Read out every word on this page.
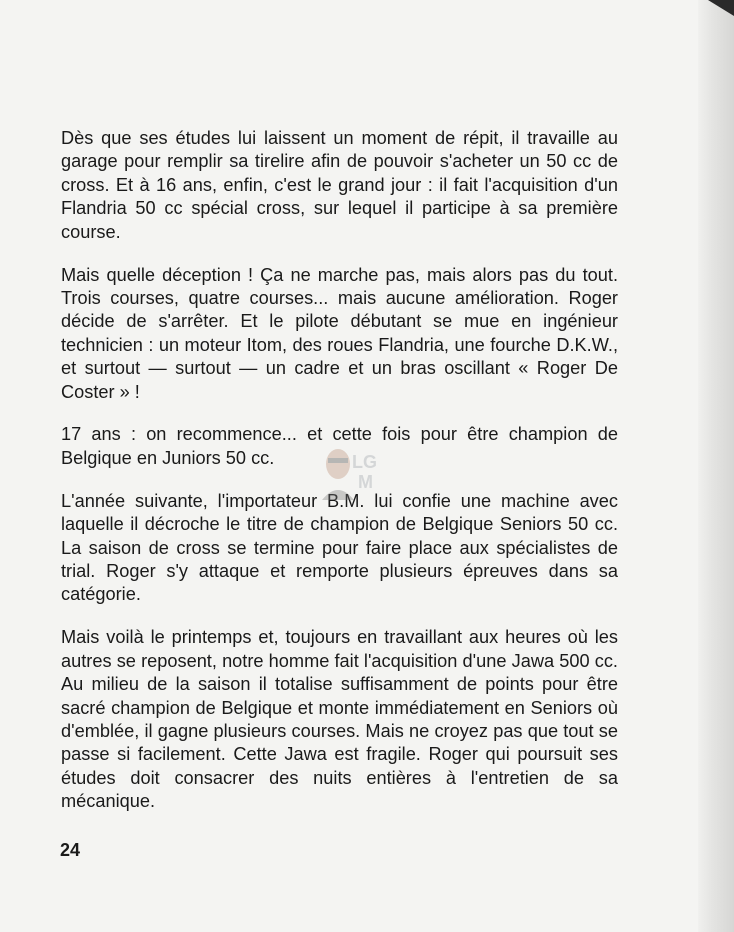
Dès que ses études lui laissent un moment de répit, il travaille au garage pour remplir sa tirelire afin de pouvoir s'acheter un 50 cc de cross. Et à 16 ans, enfin, c'est le grand jour : il fait l'acquisition d'un Flandria 50 cc spécial cross, sur lequel il participe à sa première course.

Mais quelle déception ! Ça ne marche pas, mais alors pas du tout. Trois courses, quatre courses... mais aucune amélioration. Roger décide de s'arrêter. Et le pilote débutant se mue en ingénieur technicien : un moteur Itom, des roues Flandria, une fourche D.K.W., et surtout — surtout — un cadre et un bras oscillant « Roger De Coster » !

17 ans : on recommence... et cette fois pour être champion de Belgique en Juniors 50 cc.

L'année suivante, l'importateur B.M. lui confie une machine avec laquelle il décroche le titre de champion de Belgique Seniors 50 cc. La saison de cross se termine pour faire place aux spécialistes de trial. Roger s'y attaque et remporte plusieurs épreuves dans sa catégorie.

Mais voilà le printemps et, toujours en travaillant aux heures où les autres se reposent, notre homme fait l'acquisition d'une Jawa 500 cc. Au milieu de la saison il totalise suffisamment de points pour être sacré champion de Belgique et monte immédiatement en Seniors où d'emblée, il gagne plusieurs courses. Mais ne croyez pas que tout se passe si facilement. Cette Jawa est fragile. Roger qui poursuit ses études doit consacrer des nuits entières à l'entretien de sa mécanique.

LG
M
24
